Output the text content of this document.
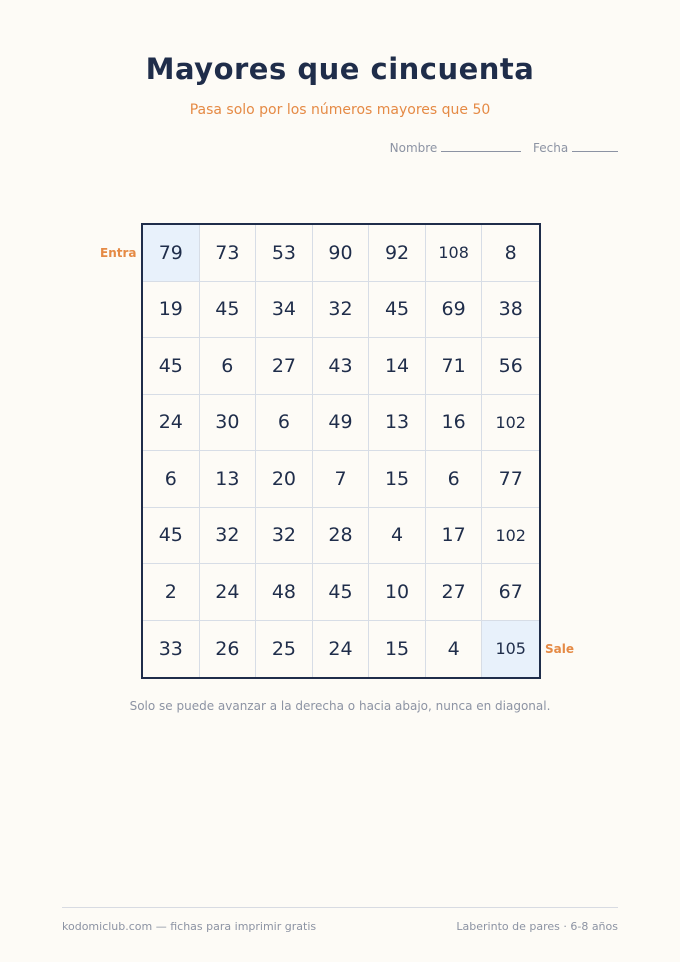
Mayores que cincuenta
Pasa solo por los números mayores que 50
Nombre	Fecha
Entra
Sale
79	73	53	90	92	108	8
19	45	34	32	45	69	38
45	6	27	43	14	71	56
24	30	6	49	13	16	102
6	13	20	7	15	6	77
45	32	32	28	4	17	102
2	24	48	45	10	27	67
33	26	25	24	15	4	105
Solo se puede avanzar a la derecha o hacia abajo, nunca en diagonal.
kodomiclub.com — fichas para imprimir gratis	Laberinto de pares · 6-8 años
